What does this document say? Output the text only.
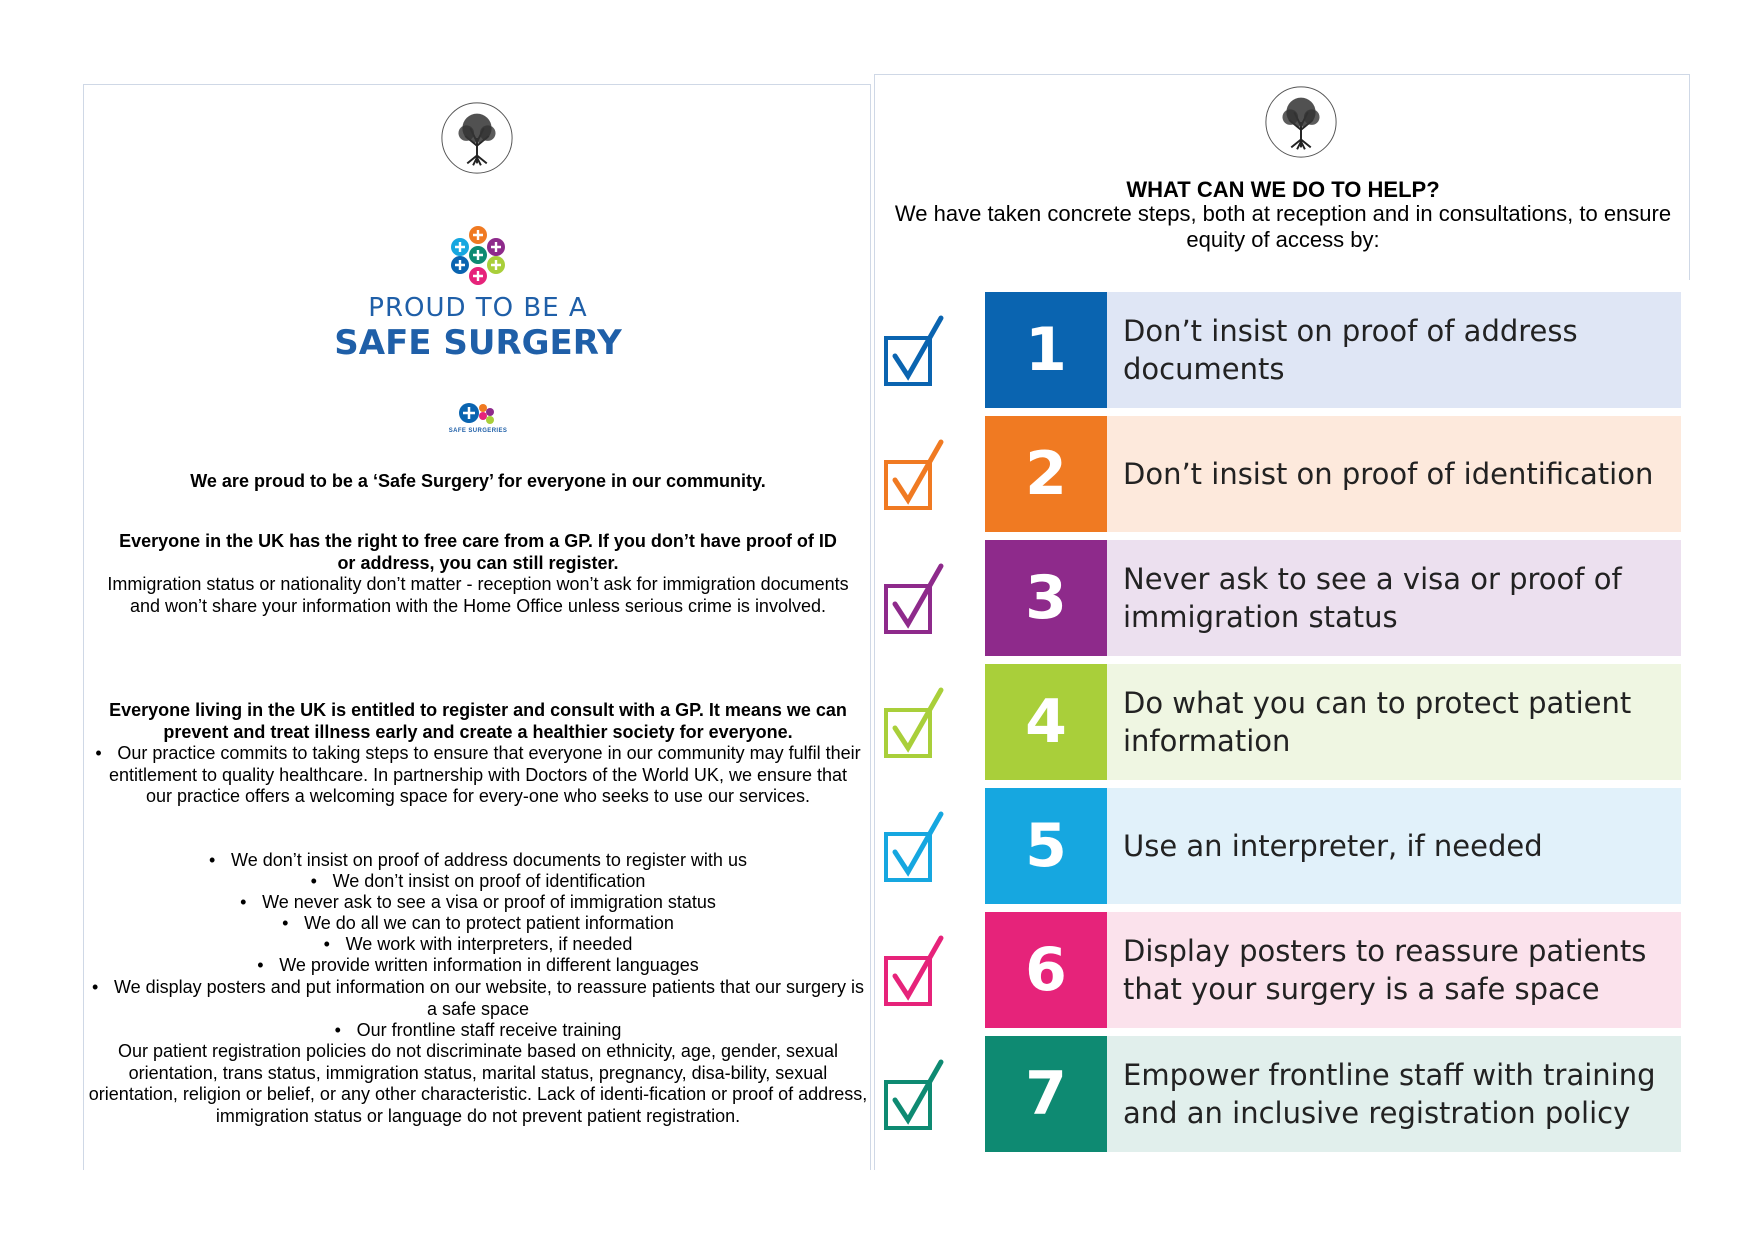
PROUD TO BE A
SAFE SURGERY
SAFE SURGERIES
We are proud to be a ‘Safe Surgery’ for everyone in our community.
Everyone in the UK has the right to free care from a GP. If you don’t have proof of ID or address, you can still register.
Immigration status or nationality don’t matter - reception won’t ask for immigration documents and won’t share your information with the Home Office unless serious crime is involved.
Everyone living in the UK is entitled to register and consult with a GP. It means we can prevent and treat illness early and create a healthier society for everyone.
• Our practice commits to taking steps to ensure that everyone in our community may fulfil their entitlement to quality healthcare. In partnership with Doctors of the World UK, we ensure that our practice offers a welcoming space for every-one who seeks to use our services.
• We don’t insist on proof of address documents to register with us
• We don’t insist on proof of identification
• We never ask to see a visa or proof of immigration status
• We do all we can to protect patient information
• We work with interpreters, if needed
• We provide written information in different languages
• We display posters and put information on our website, to reassure patients that our surgery is a safe space
• Our frontline staff receive training
Our patient registration policies do not discriminate based on ethnicity, age, gender, sexual orientation, trans status, immigration status, marital status, pregnancy, disa-bility, sexual orientation, religion or belief, or any other characteristic. Lack of identi-fication or proof of address, immigration status or language do not prevent patient registration.
WHAT CAN WE DO TO HELP?
We have taken concrete steps, both at reception and in consultations, to ensure equity of access by:
1	Don’t insist on proof of address documents
2	Don’t insist on proof of identification
3	Never ask to see a visa or proof of immigration status
4	Do what you can to protect patient information
5	Use an interpreter, if needed
6	Display posters to reassure patients that your surgery is a safe space
7	Empower frontline staff with training and an inclusive registration policy
